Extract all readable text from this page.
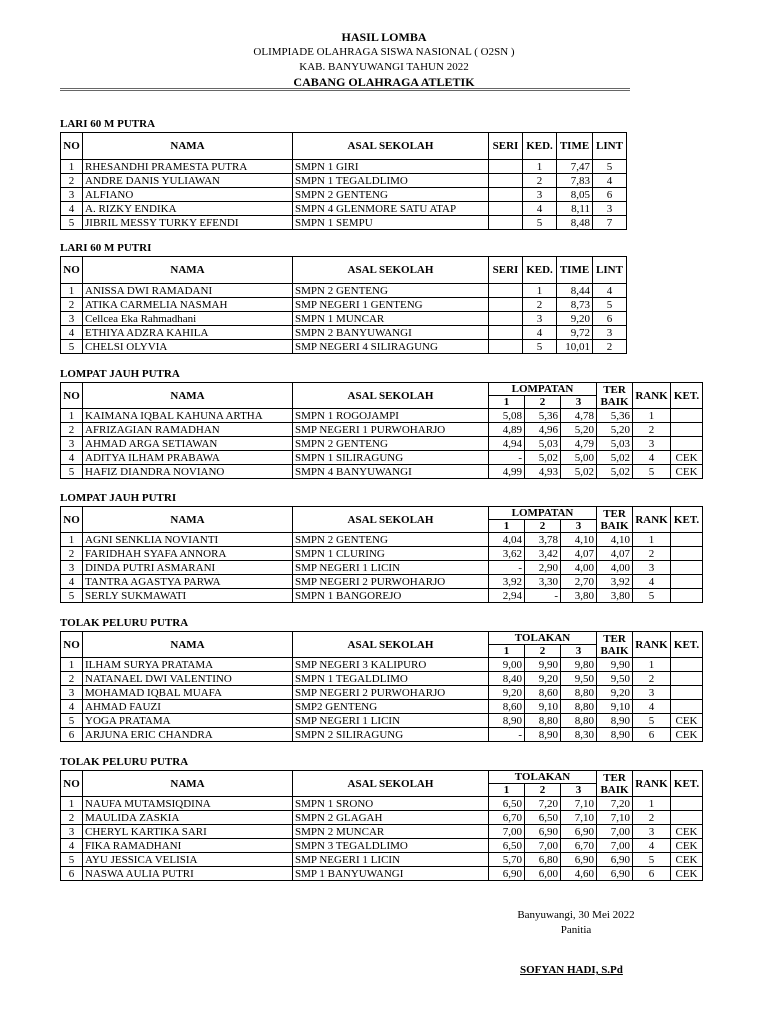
HASIL LOMBA
OLIMPIADE OLAHRAGA SISWA NASIONAL ( O2SN )
KAB. BANYUWANGI TAHUN 2022
CABANG OLAHRAGA ATLETIK
LARI 60 M PUTRA
NO	NAMA	ASAL SEKOLAH	SERI	KED.	TIME	LINT
1	RHESANDHI PRAMESTA PUTRA	SMPN 1 GIRI		1	7,47	5
2	ANDRE DANIS YULIAWAN	SMPN 1 TEGALDLIMO		2	7,83	4
3	ALFIANO	SMPN 2 GENTENG		3	8,05	6
4	A. RIZKY ENDIKA	SMPN 4 GLENMORE SATU ATAP		4	8,11	3
5	JIBRIL MESSY TURKY EFENDI	SMPN 1 SEMPU		5	8,48	7
LARI 60 M PUTRI
NO	NAMA	ASAL SEKOLAH	SERI	KED.	TIME	LINT
1	ANISSA DWI RAMADANI	SMPN 2 GENTENG		1	8,44	4
2	ATIKA CARMELIA NASMAH	SMP NEGERI 1 GENTENG		2	8,73	5
3	Cellcea Eka Rahmadhani	SMPN 1 MUNCAR		3	9,20	6
4	ETHIYA ADZRA KAHILA	SMPN 2 BANYUWANGI		4	9,72	3
5	CHELSI OLYVIA	SMP NEGERI 4 SILIRAGUNG		5	10,01	2
LOMPAT JAUH PUTRA
NO	NAMA	ASAL SEKOLAH	LOMPATAN			TER BAIK	RANK	KET.
			1	2	3			
1	KAIMANA IQBAL KAHUNA ARTHA	SMPN 1 ROGOJAMPI	5,08	5,36	4,78	5,36	1	
2	AFRIZAGIAN RAMADHAN	SMP NEGERI 1 PURWOHARJO	4,89	4,96	5,20	5,20	2	
3	AHMAD ARGA SETIAWAN	SMPN 2 GENTENG	4,94	5,03	4,79	5,03	3	
4	ADITYA ILHAM PRABAWA	SMPN 1 SILIRAGUNG	-	5,02	5,00	5,02	4	CEK
5	HAFIZ DIANDRA NOVIANO	SMPN 4 BANYUWANGI	4,99	4,93	5,02	5,02	5	CEK
LOMPAT JAUH PUTRI
NO	NAMA	ASAL SEKOLAH	LOMPATAN			TER BAIK	RANK	KET.
			1	2	3			
1	AGNI SENKLIA NOVIANTI	SMPN 2 GENTENG	4,04	3,78	4,10	4,10	1	
2	FARIDHAH SYAFA ANNORA	SMPN 1 CLURING	3,62	3,42	4,07	4,07	2	
3	DINDA PUTRI ASMARANI	SMP NEGERI 1 LICIN	-	2,90	4,00	4,00	3	
4	TANTRA AGASTYA PARWA	SMP NEGERI 2 PURWOHARJO	3,92	3,30	2,70	3,92	4	
5	SERLY SUKMAWATI	SMPN 1 BANGOREJO	2,94	-	3,80	3,80	5	
TOLAK PELURU PUTRA
NO	NAMA	ASAL SEKOLAH	TOLAKAN			TER BAIK	RANK	KET.
			1	2	3			
1	ILHAM SURYA PRATAMA	SMP NEGERI 3 KALIPURO	9,00	9,90	9,80	9,90	1	
2	NATANAEL DWI VALENTINO	SMPN 1 TEGALDLIMO	8,40	9,20	9,50	9,50	2	
3	MOHAMAD IQBAL MUAFA	SMP NEGERI 2 PURWOHARJO	9,20	8,60	8,80	9,20	3	
4	AHMAD FAUZI	SMP2 GENTENG	8,60	9,10	8,80	9,10	4	
5	YOGA PRATAMA	SMP NEGERI 1 LICIN	8,90	8,80	8,80	8,90	5	CEK
6	ARJUNA ERIC CHANDRA	SMPN 2 SILIRAGUNG	-	8,90	8,30	8,90	6	CEK
TOLAK PELURU PUTRA
NO	NAMA	ASAL SEKOLAH	TOLAKAN			TER BAIK	RANK	KET.
			1	2	3			
1	NAUFA MUTAMSIQDINA	SMPN 1 SRONO	6,50	7,20	7,10	7,20	1	
2	MAULIDA ZASKIA	SMPN 2 GLAGAH	6,70	6,50	7,10	7,10	2	
3	CHERYL KARTIKA SARI	SMPN 2 MUNCAR	7,00	6,90	6,90	7,00	3	CEK
4	FIKA RAMADHANI	SMPN 3 TEGALDLIMO	6,50	7,00	6,70	7,00	4	CEK
5	AYU JESSICA VELISIA	SMP NEGERI 1 LICIN	5,70	6,80	6,90	6,90	5	CEK
6	NASWA AULIA PUTRI	SMP 1 BANYUWANGI	6,90	6,00	4,60	6,90	6	CEK
Banyuwangi, 30 Mei 2022
Panitia
SOFYAN HADI, S.Pd
